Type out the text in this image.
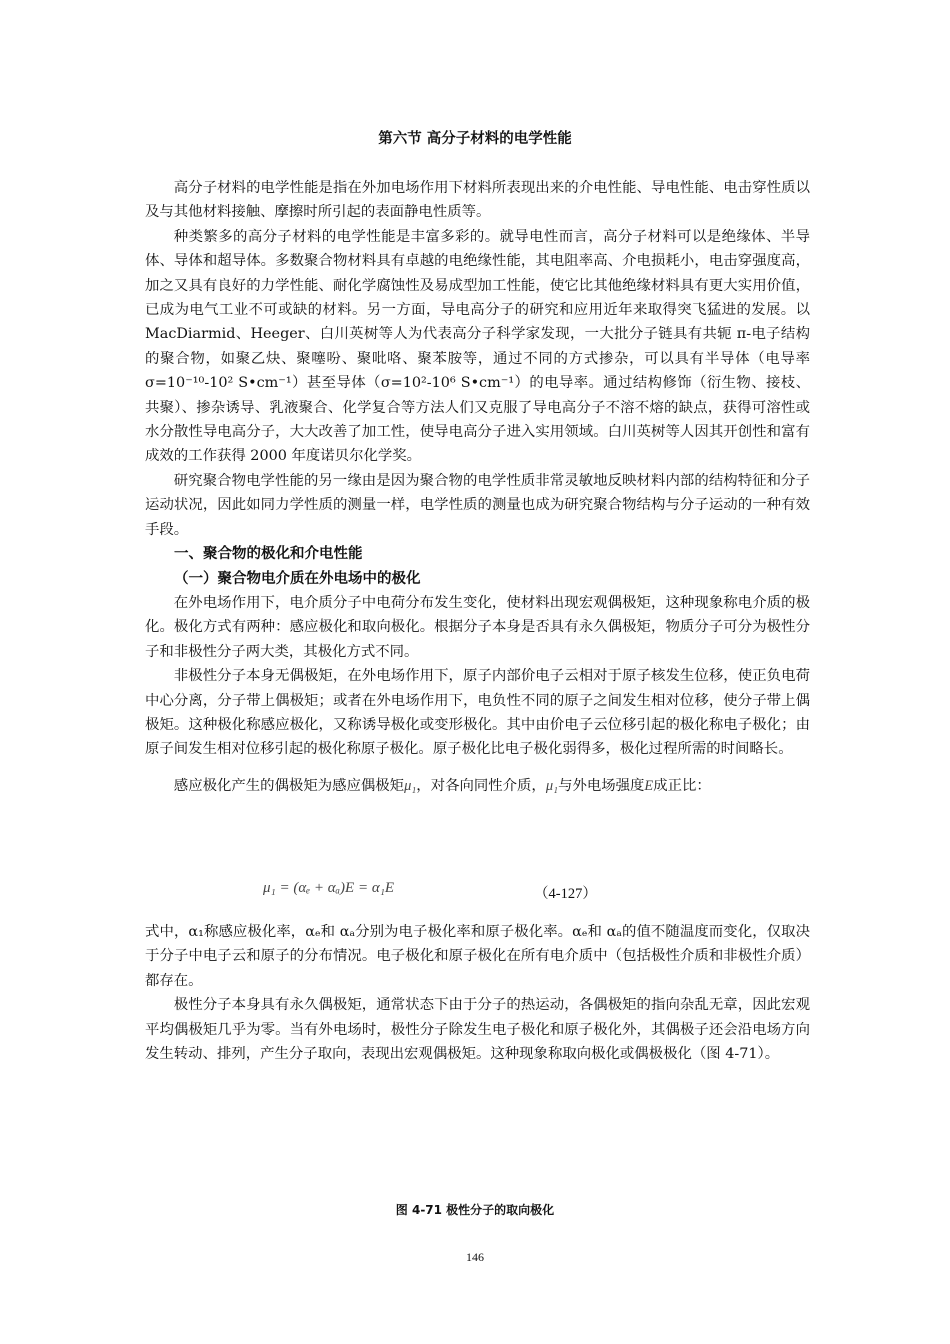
第六节 高分子材料的电学性能

高分子材料的电学性能是指在外加电场作用下材料所表现出来的介电性能、导电性能、电击穿性质以及与其他材料接触、摩擦时所引起的表面静电性质等。

种类繁多的高分子材料的电学性能是丰富多彩的。就导电性而言，高分子材料可以是绝缘体、半导体、导体和超导体。多数聚合物材料具有卓越的电绝缘性能，其电阻率高、介电损耗小，电击穿强度高，加之又具有良好的力学性能、耐化学腐蚀性及易成型加工性能，使它比其他绝缘材料具有更大实用价值，已成为电气工业不可或缺的材料。另一方面，导电高分子的研究和应用近年来取得突飞猛进的发展。以 MacDiarmid、Heeger、白川英树等人为代表高分子科学家发现，一大批分子链具有共轭 π-电子结构的聚合物，如聚乙炔、聚噻吩、聚吡咯、聚苯胺等，通过不同的方式掺杂，可以具有半导体（电导率 σ=10⁻¹⁰-10² S•cm⁻¹）甚至导体（σ=10²-10⁶ S•cm⁻¹）的电导率。通过结构修饰（衍生物、接枝、共聚）、掺杂诱导、乳液聚合、化学复合等方法人们又克服了导电高分子不溶不熔的缺点，获得可溶性或水分散性导电高分子，大大改善了加工性，使导电高分子进入实用领域。白川英树等人因其开创性和富有成效的工作获得 2000 年度诺贝尔化学奖。

研究聚合物电学性能的另一缘由是因为聚合物的电学性质非常灵敏地反映材料内部的结构特征和分子运动状况，因此如同力学性质的测量一样，电学性质的测量也成为研究聚合物结构与分子运动的一种有效手段。

一、聚合物的极化和介电性能

（一）聚合物电介质在外电场中的极化

在外电场作用下，电介质分子中电荷分布发生变化，使材料出现宏观偶极矩，这种现象称电介质的极化。极化方式有两种：感应极化和取向极化。根据分子本身是否具有永久偶极矩，物质分子可分为极性分子和非极性分子两大类，其极化方式不同。

非极性分子本身无偶极矩，在外电场作用下，原子内部价电子云相对于原子核发生位移，使正负电荷中心分离，分子带上偶极矩；或者在外电场作用下，电负性不同的原子之间发生相对位移，使分子带上偶极矩。这种极化称感应极化，又称诱导极化或变形极化。其中由价电子云位移引起的极化称电子极化；由原子间发生相对位移引起的极化称原子极化。原子极化比电子极化弱得多，极化过程所需的时间略长。

感应极化产生的偶极矩为感应偶极矩μ₁，对各向同性介质，μ₁与外电场强度E成正比：

μ₁ = (αₑ + αₐ)E = α₁E	（4-127）

式中，α₁称感应极化率，αₑ和 αₐ分别为电子极化率和原子极化率。αₑ和 αₐ的值不随温度而变化，仅取决于分子中电子云和原子的分布情况。电子极化和原子极化在所有电介质中（包括极性介质和非极性介质）都存在。

极性分子本身具有永久偶极矩，通常状态下由于分子的热运动，各偶极矩的指向杂乱无章，因此宏观平均偶极矩几乎为零。当有外电场时，极性分子除发生电子极化和原子极化外，其偶极子还会沿电场方向发生转动、排列，产生分子取向，表现出宏观偶极矩。这种现象称取向极化或偶极极化（图 4-71）。

图 4-71 极性分子的取向极化
146
